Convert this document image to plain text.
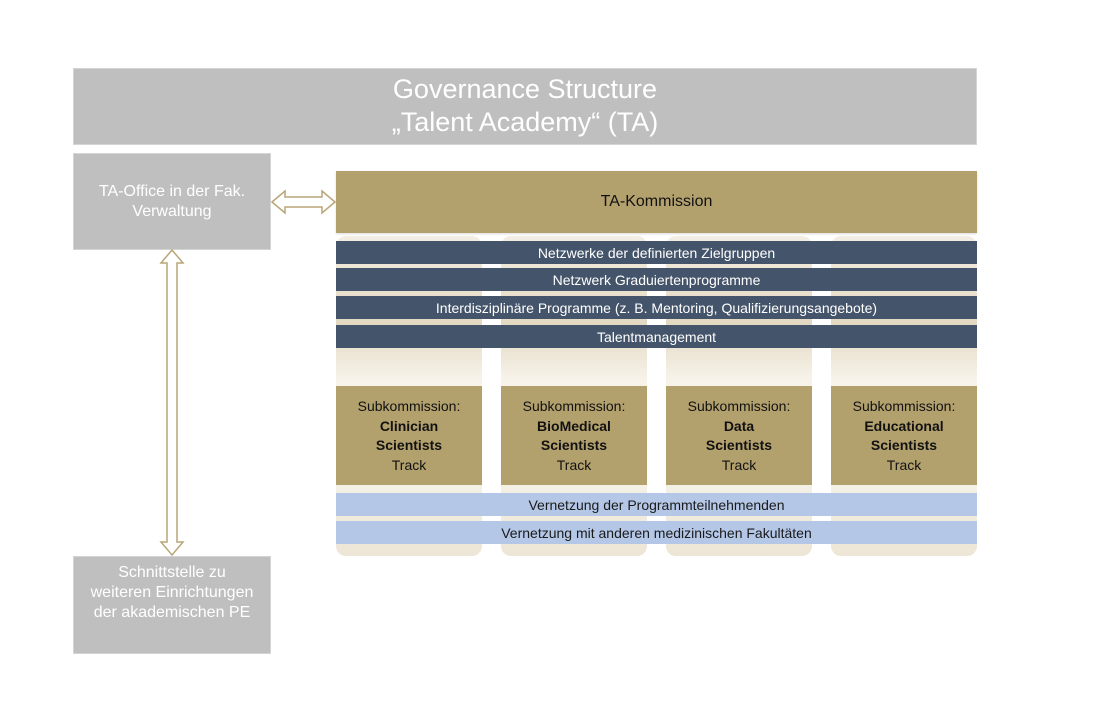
Governance Structure
„Talent Academy“ (TA)
TA-Office in der Fak. Verwaltung
Schnittstelle zu weiteren Einrichtungen der akademischen PE
TA-Kommission
Netzwerke der definierten Zielgruppen
Netzwerk Graduiertenprogramme
Interdisziplinäre Programme (z. B. Mentoring, Qualifizierungsangebote)
Talentmanagement
Subkommission:
Clinician
Scientists
Track
Subkommission:
BioMedical
Scientists
Track
Subkommission:
Data
Scientists
Track
Subkommission:
Educational
Scientists
Track
Vernetzung der Programmteilnehmenden
Vernetzung mit anderen medizinischen Fakultäten
